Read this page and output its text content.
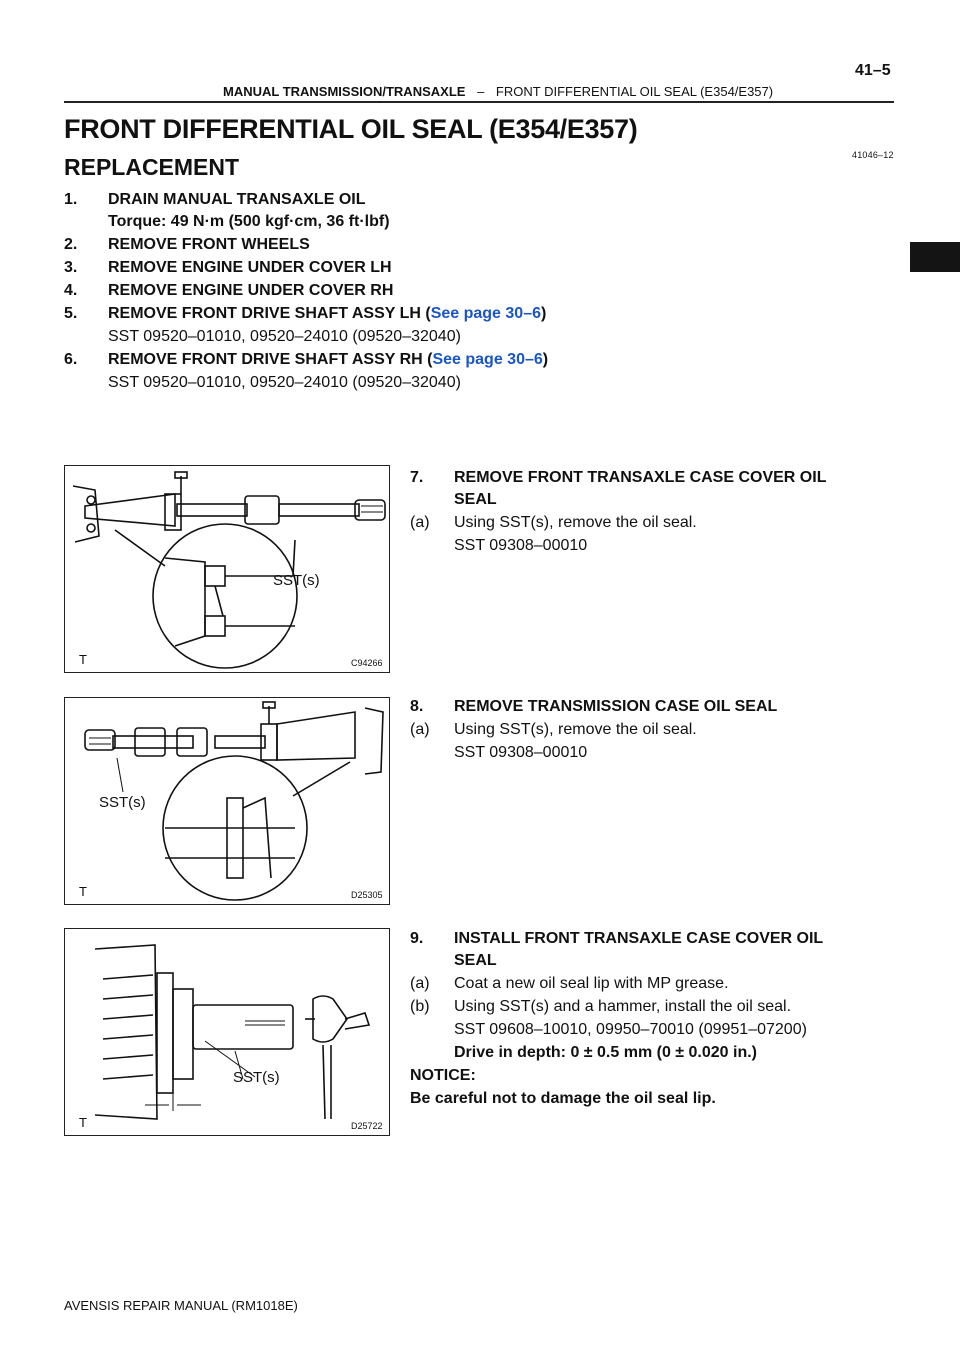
41–5
MANUAL TRANSMISSION/TRANSAXLE – FRONT DIFFERENTIAL OIL SEAL (E354/E357)
FRONT DIFFERENTIAL OIL SEAL (E354/E357)
41046–12
REPLACEMENT
1. DRAIN MANUAL TRANSAXLE OIL
Torque: 49 N·m (500 kgf·cm, 36 ft·lbf)
2. REMOVE FRONT WHEELS
3. REMOVE ENGINE UNDER COVER LH
4. REMOVE ENGINE UNDER COVER RH
5. REMOVE FRONT DRIVE SHAFT ASSY LH (See page 30–6)
SST 09520–01010, 09520–24010 (09520–32040)
6. REMOVE FRONT DRIVE SHAFT ASSY RH (See page 30–6)
SST 09520–01010, 09520–24010 (09520–32040)
SST(s)
T	C94266
7. REMOVE FRONT TRANSAXLE CASE COVER OIL
SEAL
(a) Using SST(s), remove the oil seal.
SST 09308–00010
SST(s)
T	D25305
8. REMOVE TRANSMISSION CASE OIL SEAL
(a) Using SST(s), remove the oil seal.
SST 09308–00010
SST(s)
T	D25722
9. INSTALL FRONT TRANSAXLE CASE COVER OIL
SEAL
(a) Coat a new oil seal lip with MP grease.
(b) Using SST(s) and a hammer, install the oil seal.
SST 09608–10010, 09950–70010 (09951–07200)
Drive in depth: 0 ± 0.5 mm (0 ± 0.020 in.)
NOTICE:
Be careful not to damage the oil seal lip.
AVENSIS REPAIR MANUAL (RM1018E)
